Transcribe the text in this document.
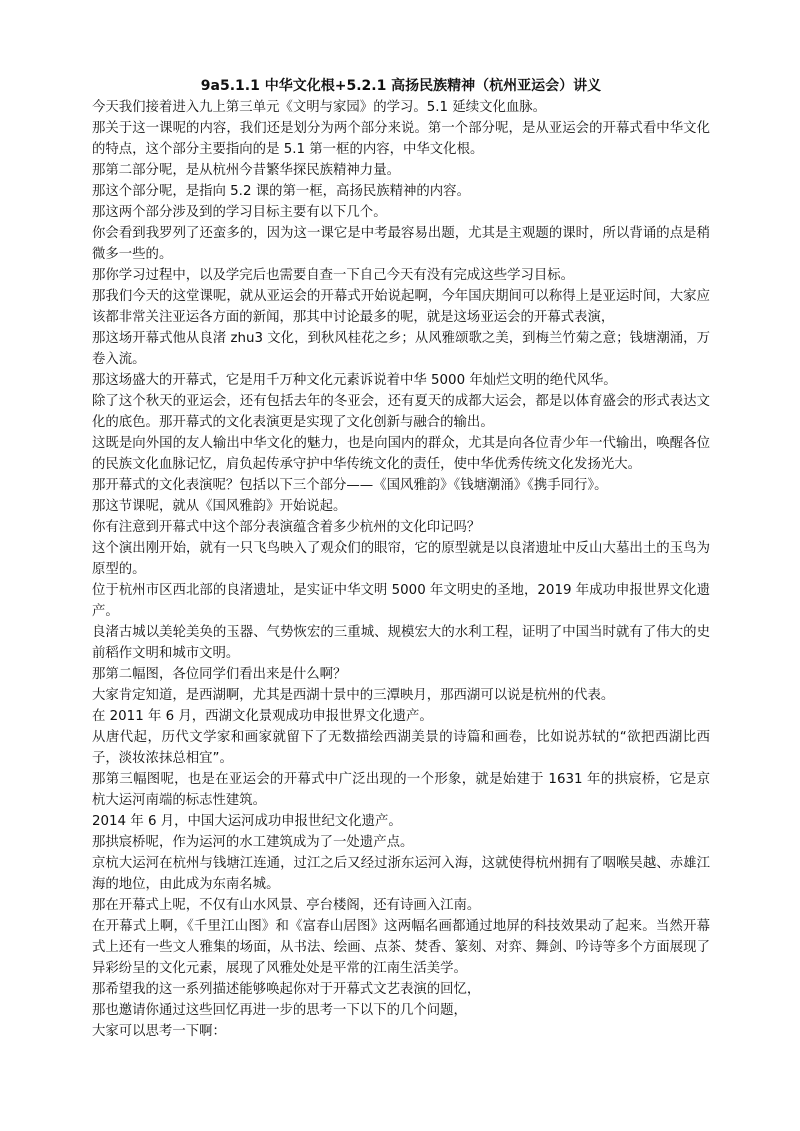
9a5.1.1 中华文化根+5.2.1 高扬民族精神（杭州亚运会）讲义

今天我们接着进入九上第三单元《文明与家园》的学习。5.1 延续文化血脉。

那关于这一课呢的内容，我们还是划分为两个部分来说。第一个部分呢，是从亚运会的开幕式看中华文化的特点，这个部分主要指向的是 5.1 第一框的内容，中华文化根。

那第二部分呢，是从杭州今昔繁华探民族精神力量。

那这个部分呢，是指向 5.2 课的第一框，高扬民族精神的内容。

那这两个部分涉及到的学习目标主要有以下几个。

你会看到我罗列了还蛮多的，因为这一课它是中考最容易出题，尤其是主观题的课时，所以背诵的点是稍微多一些的。

那你学习过程中，以及学完后也需要自查一下自己今天有没有完成这些学习目标。

那我们今天的这堂课呢，就从亚运会的开幕式开始说起啊，今年国庆期间可以称得上是亚运时间，大家应该都非常关注亚运各方面的新闻，那其中讨论最多的呢，就是这场亚运会的开幕式表演，

那这场开幕式他从良渚 zhu3 文化，到秋风桂花之乡；从风雅颂歌之美，到梅兰竹菊之意；钱塘潮涌，万卷入流。

那这场盛大的开幕式，它是用千万种文化元素诉说着中华 5000 年灿烂文明的绝代风华。

除了这个秋天的亚运会，还有包括去年的冬亚会，还有夏天的成都大运会，都是以体育盛会的形式表达文化的底色。那开幕式的文化表演更是实现了文化创新与融合的输出。

这既是向外国的友人输出中华文化的魅力，也是向国内的群众，尤其是向各位青少年一代输出，唤醒各位的民族文化血脉记忆，肩负起传承守护中华传统文化的责任，使中华优秀传统文化发扬光大。

那开幕式的文化表演呢？包括以下三个部分——《国风雅韵》《钱塘潮涌》《携手同行》。

那这节课呢，就从《国风雅韵》开始说起。

你有注意到开幕式中这个部分表演蕴含着多少杭州的文化印记吗？

这个演出刚开始，就有一只飞鸟映入了观众们的眼帘，它的原型就是以良渚遗址中反山大墓出土的玉鸟为原型的。

位于杭州市区西北部的良渚遗址，是实证中华文明 5000 年文明史的圣地，2019 年成功申报世界文化遗产。

良渚古城以美轮美奂的玉器、气势恢宏的三重城、规模宏大的水利工程，证明了中国当时就有了伟大的史前稻作文明和城市文明。

那第二幅图，各位同学们看出来是什么啊？

大家肯定知道，是西湖啊，尤其是西湖十景中的三潭映月，那西湖可以说是杭州的代表。

在 2011 年 6 月，西湖文化景观成功申报世界文化遗产。

从唐代起，历代文学家和画家就留下了无数描绘西湖美景的诗篇和画卷，比如说苏轼的“欲把西湖比西子，淡妆浓抹总相宜”。

那第三幅图呢，也是在亚运会的开幕式中广泛出现的一个形象，就是始建于 1631 年的拱宸桥，它是京杭大运河南端的标志性建筑。

2014 年 6 月，中国大运河成功申报世纪文化遗产。

那拱宸桥呢，作为运河的水工建筑成为了一处遗产点。

京杭大运河在杭州与钱塘江连通，过江之后又经过浙东运河入海，这就使得杭州拥有了咽喉吴越、赤雄江海的地位，由此成为东南名城。

那在开幕式上呢，不仅有山水风景、亭台楼阁，还有诗画入江南。

在开幕式上啊，《千里江山图》和《富春山居图》这两幅名画都通过地屏的科技效果动了起来。当然开幕式上还有一些文人雅集的场面，从书法、绘画、点茶、焚香、篆刻、对弈、舞剑、吟诗等多个方面展现了异彩纷呈的文化元素，展现了风雅处处是平常的江南生活美学。

那希望我的这一系列描述能够唤起你对于开幕式文艺表演的回忆，

那也邀请你通过这些回忆再进一步的思考一下以下的几个问题，

大家可以思考一下啊：
